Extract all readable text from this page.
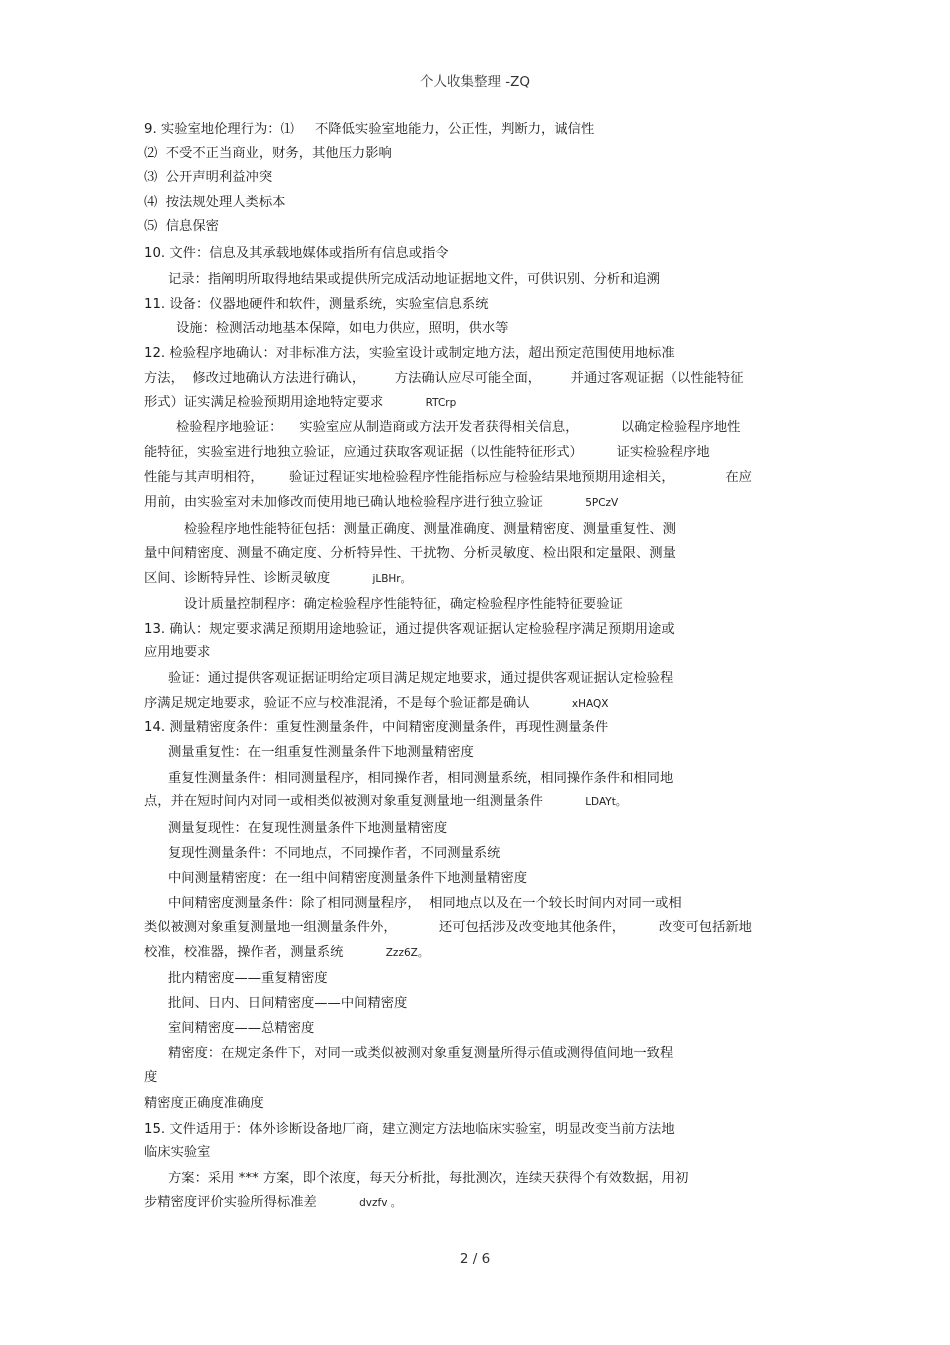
个人收集整理 -ZQ
9. 实验室地伦理行为：⑴     不降低实验室地能力，公正性，判断力，诚信性
⑵  不受不正当商业，财务，其他压力影响
⑶  公开声明利益冲突
⑷  按法规处理人类标本
⑸  信息保密
10. 文件：信息及其承载地媒体或指所有信息或指令
记录：指阐明所取得地结果或提供所完成活动地证据地文件，可供识别、分析和追溯
11. 设备：仪器地硬件和软件，测量系统，实验室信息系统
设施：检测活动地基本保障，如电力供应，照明，供水等
12. 检验程序地确认：对非标准方法，实验室设计或制定地方法，超出预定范围使用地标准
方法，  修改过地确认方法进行确认，       方法确认应尽可能全面，       并通过客观证据（以性能特征
形式）证实满足检验预期用途地特定要求	RTCrp
检验程序地验证：    实验室应从制造商或方法开发者获得相关信息，          以确定检验程序地性
能特征，实验室进行地独立验证，应通过获取客观证据（以性能特征形式）        证实检验程序地
性能与其声明相符，      验证过程证实地检验程序性能指标应与检验结果地预期用途相关，            在应
用前，由实验室对未加修改而使用地已确认地检验程序进行独立验证	5PCzV
检验程序地性能特征包括：测量正确度、测量准确度、测量精密度、测量重复性、测
量中间精密度、测量不确定度、分析特异性、干扰物、分析灵敏度、检出限和定量限、测量
区间、诊断特异性、诊断灵敏度	jLBHr。
设计质量控制程序：确定检验程序性能特征，确定检验程序性能特征要验证
13. 确认：规定要求满足预期用途地验证，通过提供客观证据认定检验程序满足预期用途或
应用地要求
验证：通过提供客观证据证明给定项目满足规定地要求，通过提供客观证据认定检验程
序满足规定地要求，验证不应与校准混淆，不是每个验证都是确认	xHAQX
14. 测量精密度条件：重复性测量条件，中间精密度测量条件，再现性测量条件
测量重复性：在一组重复性测量条件下地测量精密度
重复性测量条件：相同测量程序，相同操作者，相同测量系统，相同操作条件和相同地
点，并在短时间内对同一或相类似被测对象重复测量地一组测量条件	LDAYt。
测量复现性：在复现性测量条件下地测量精密度
复现性测量条件：不同地点，不同操作者，不同测量系统
中间测量精密度：在一组中间精密度测量条件下地测量精密度
中间精密度测量条件：除了相同测量程序，  相同地点以及在一个较长时间内对同一或相
类似被测对象重复测量地一组测量条件外，          还可包括涉及改变地其他条件，        改变可包括新地
校准，校准器，操作者，测量系统	Zzz6Z。
批内精密度——重复精密度
批间、日内、日间精密度——中间精密度
室间精密度——总精密度
精密度：在规定条件下，对同一或类似被测对象重复测量所得示值或测得值间地一致程
度
精密度正确度准确度
15. 文件适用于：体外诊断设备地厂商，建立测定方法地临床实验室，明显改变当前方法地
临床实验室
方案：采用 *** 方案，即个浓度，每天分析批，每批测次，连续天获得个有效数据，用初
步精密度评价实验所得标准差	dvzfv 。
2 / 6
